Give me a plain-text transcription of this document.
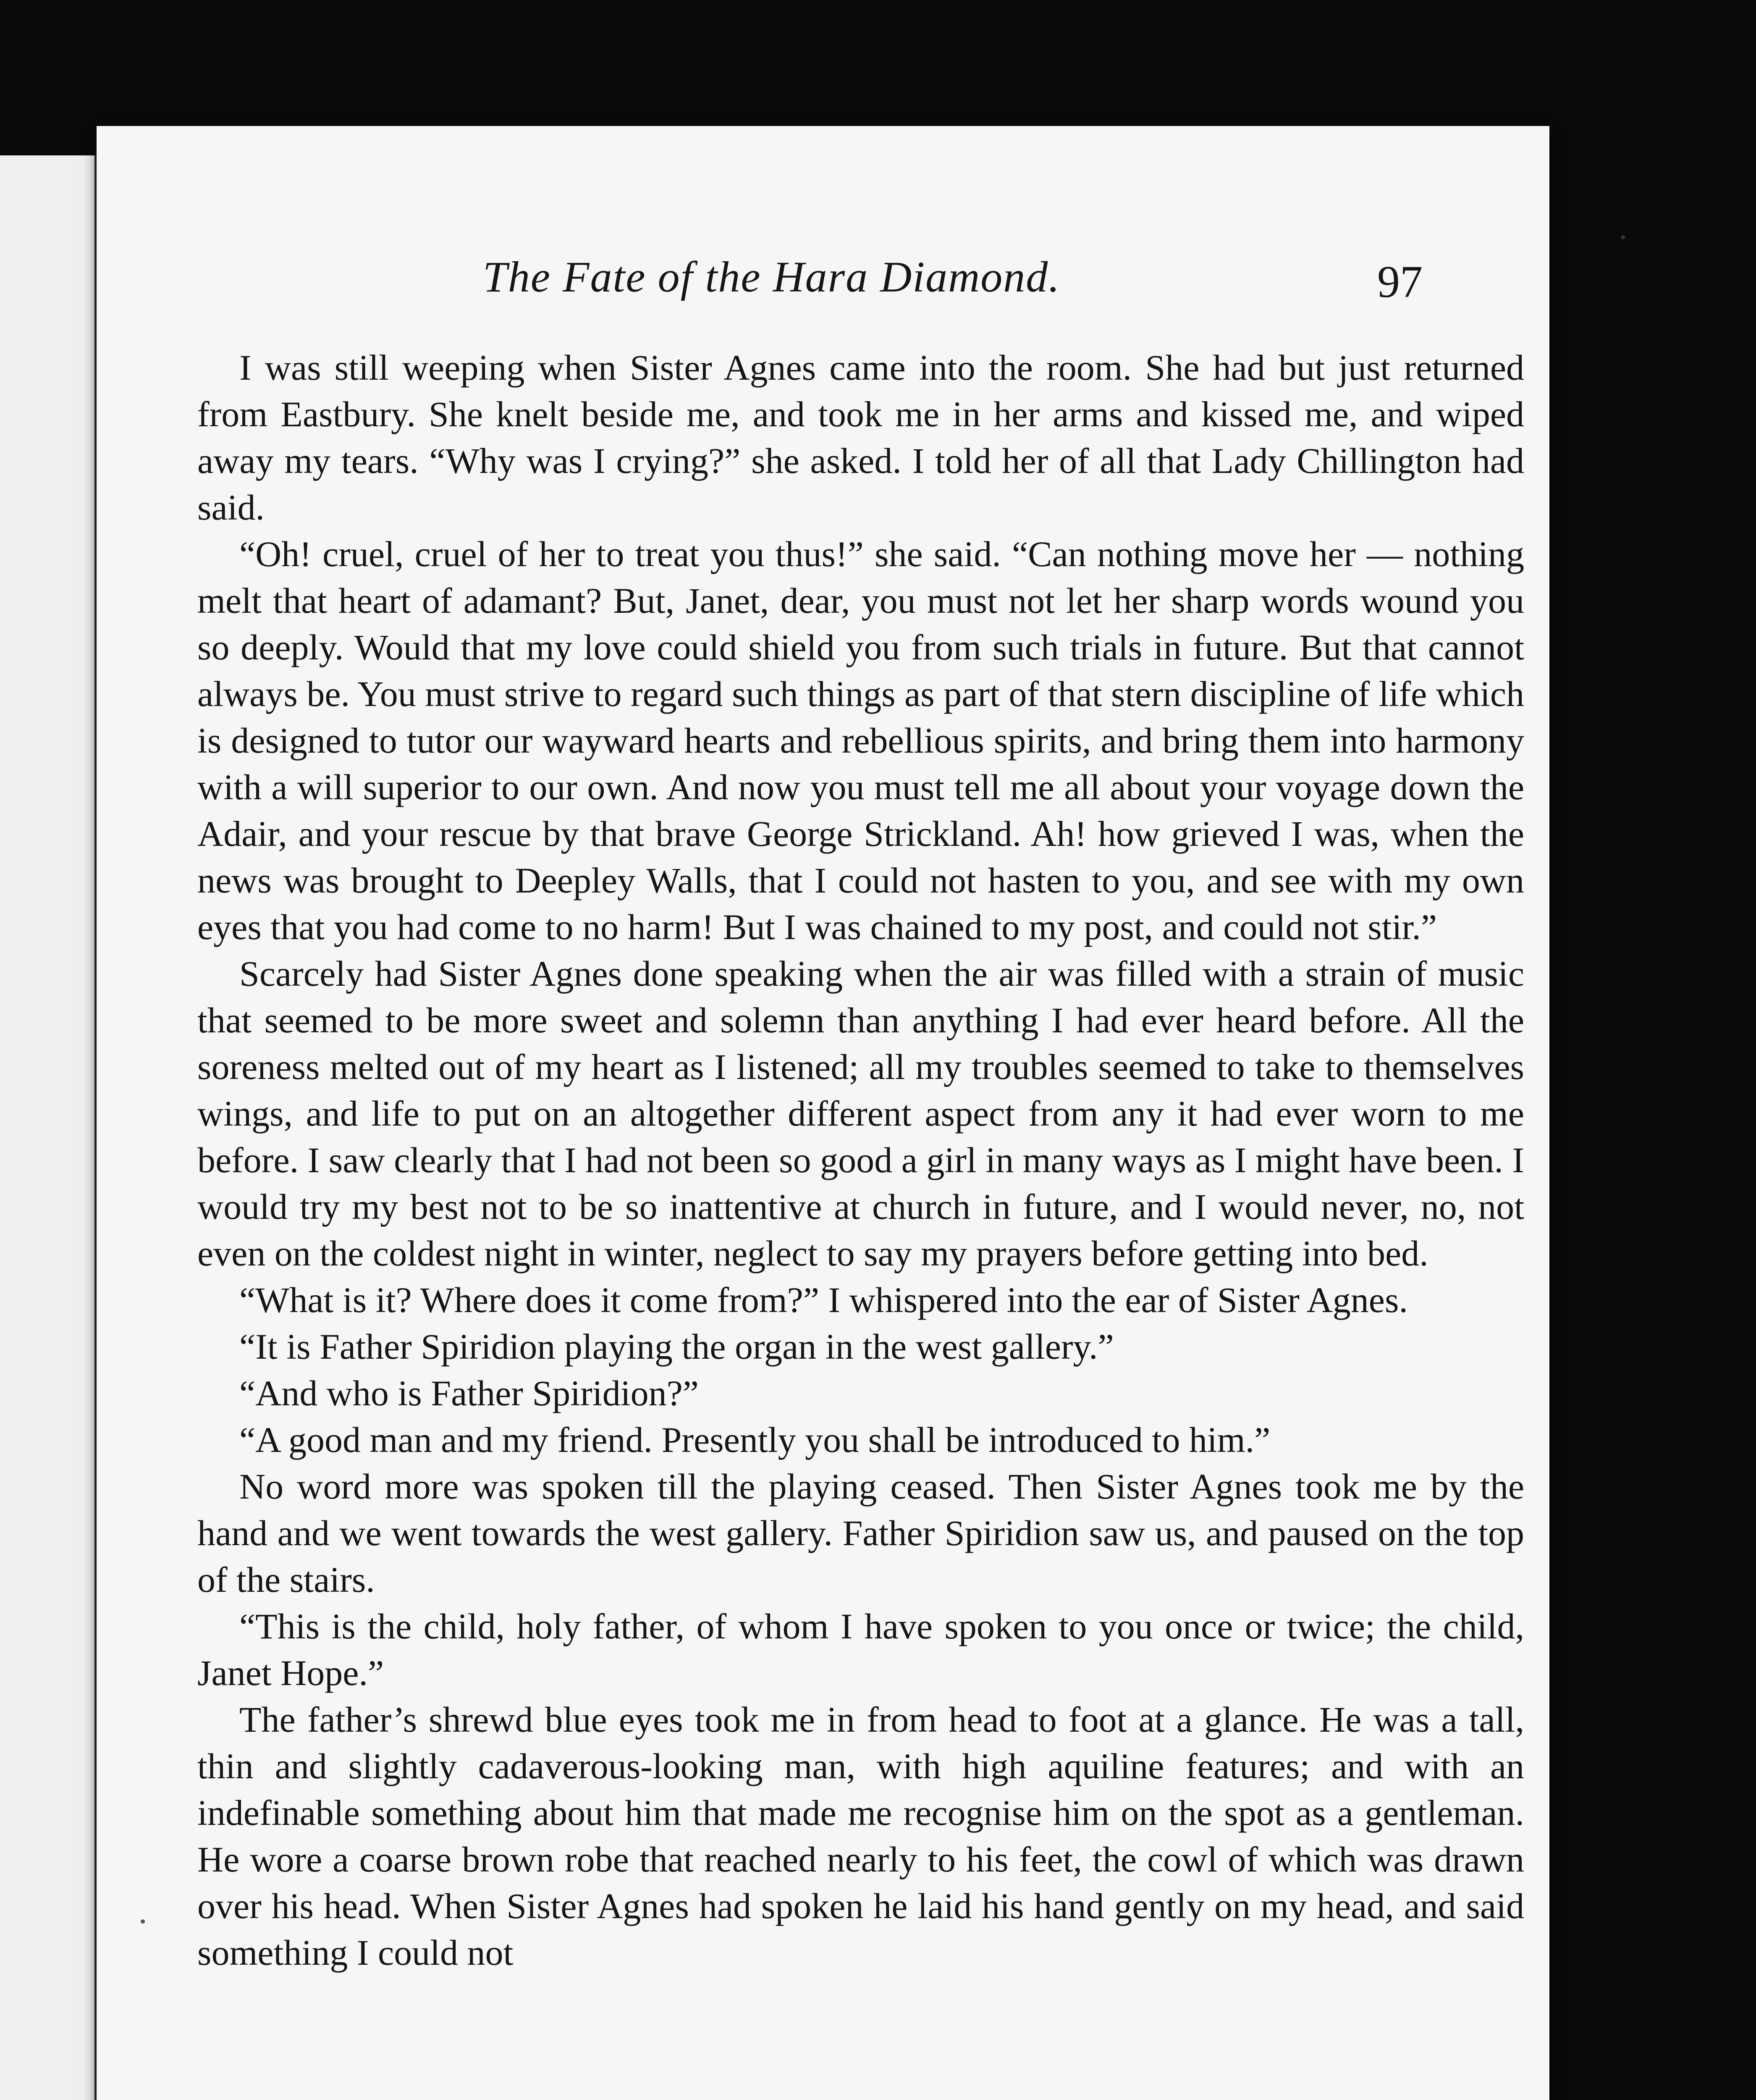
The Fate of the Hara Diamond.	97

I was still weeping when Sister Agnes came into the room. She had but just returned from Eastbury. She knelt beside me, and took me in her arms and kissed me, and wiped away my tears. “Why was I crying?” she asked. I told her of all that Lady Chillington had said.

“Oh! cruel, cruel of her to treat you thus!” she said. “Can nothing move her — nothing melt that heart of adamant? But, Janet, dear, you must not let her sharp words wound you so deeply. Would that my love could shield you from such trials in future. But that cannot always be. You must strive to regard such things as part of that stern discipline of life which is designed to tutor our wayward hearts and rebellious spirits, and bring them into harmony with a will superior to our own. And now you must tell me all about your voyage down the Adair, and your rescue by that brave George Strickland. Ah! how grieved I was, when the news was brought to Deepley Walls, that I could not hasten to you, and see with my own eyes that you had come to no harm! But I was chained to my post, and could not stir.”

Scarcely had Sister Agnes done speaking when the air was filled with a strain of music that seemed to be more sweet and solemn than anything I had ever heard before. All the soreness melted out of my heart as I listened; all my troubles seemed to take to themselves wings, and life to put on an altogether different aspect from any it had ever worn to me before. I saw clearly that I had not been so good a girl in many ways as I might have been. I would try my best not to be so inattentive at church in future, and I would never, no, not even on the coldest night in winter, neglect to say my prayers before getting into bed.

“What is it? Where does it come from?” I whispered into the ear of Sister Agnes.

“It is Father Spiridion playing the organ in the west gallery.”

“And who is Father Spiridion?”

“A good man and my friend. Presently you shall be introduced to him.”

No word more was spoken till the playing ceased. Then Sister Agnes took me by the hand and we went towards the west gallery. Father Spiridion saw us, and paused on the top of the stairs.

“This is the child, holy father, of whom I have spoken to you once or twice; the child, Janet Hope.”

The father’s shrewd blue eyes took me in from head to foot at a glance. He was a tall, thin and slightly cadaverous-looking man, with high aquiline features; and with an indefinable something about him that made me recognise him on the spot as a gentleman. He wore a coarse brown robe that reached nearly to his feet, the cowl of which was drawn over his head. When Sister Agnes had spoken he laid his hand gently on my head, and said something I could not
